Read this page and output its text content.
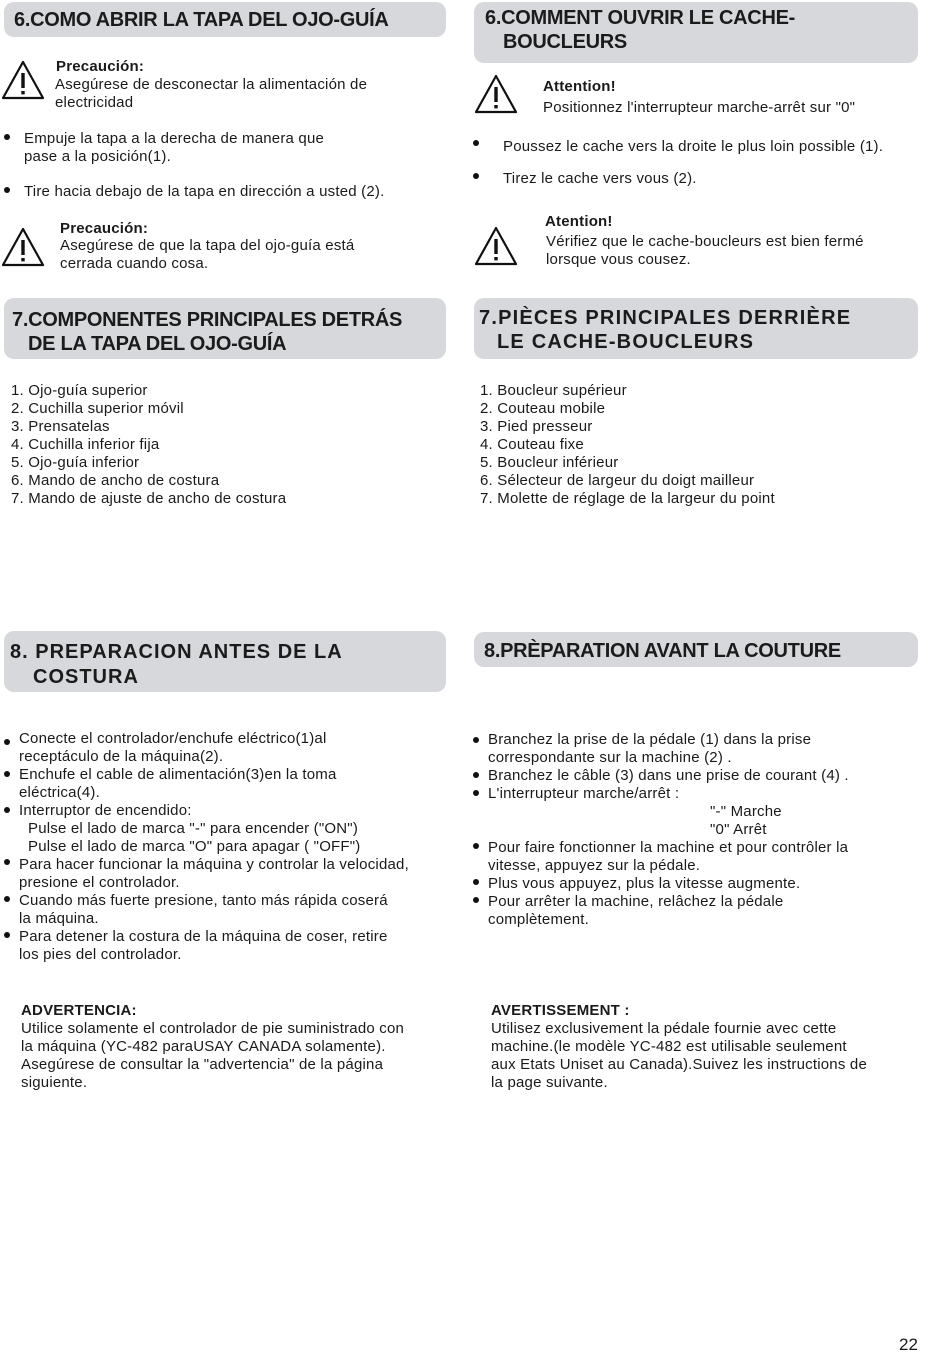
6.COMO ABRIR LA TAPA DEL OJO-GUÍA
Precaución:
Asegúrese de desconectar la alimentación de
electricidad
Empuje la tapa a la derecha de manera que
pase a la posición(1).
Tire hacia debajo de la tapa en dirección a usted (2).
Precaución:
Asegúrese de que la tapa del ojo-guía está
cerrada cuando cosa.
7.COMPONENTES PRINCIPALES DETRÁS
DE LA TAPA DEL OJO-GUÍA
1. Ojo-guía superior
2. Cuchilla superior móvil
3. Prensatelas
4. Cuchilla inferior fija
5. Ojo-guía inferior
6. Mando de ancho de costura
7. Mando de ajuste de ancho de costura
8. PREPARACION ANTES DE LA
COSTURA
Conecte el controlador/enchufe eléctrico(1)al
receptáculo de la máquina(2).
Enchufe el cable de alimentación(3)en la toma
eléctrica(4).
Interruptor de encendido:
Pulse el lado de marca "-" para encender ("ON")
Pulse el lado de marca "O" para apagar ( "OFF")
Para hacer funcionar la máquina y controlar la velocidad,
presione el controlador.
Cuando más fuerte presione, tanto más rápida coserá
la máquina.
Para detener la costura de la máquina de coser, retire
los pies del controlador.
ADVERTENCIA:
Utilice solamente el controlador de pie suministrado con
la máquina (YC-482 paraUSAY CANADA solamente).
Asegúrese de consultar la "advertencia" de la página
siguiente.
6.COMMENT OUVRIR LE CACHE-
BOUCLEURS
Attention!
Positionnez l'interrupteur marche-arrêt sur "0"
Poussez le cache vers la droite le plus loin possible (1).
Tirez le cache vers vous (2).
Atention!
Vérifiez que le cache-boucleurs est bien fermé
lorsque vous cousez.
7.PIÈCES PRINCIPALES DERRIÈRE
LE CACHE-BOUCLEURS
1. Boucleur supérieur
2. Couteau mobile
3. Pied presseur
4. Couteau fixe
5. Boucleur inférieur
6. Sélecteur de largeur du doigt mailleur
7. Molette de réglage de la largeur du point
8.PRÈPARATION AVANT LA COUTURE
Branchez la prise de la pédale (1) dans la prise
correspondante sur la machine (2) .
Branchez le câble (3) dans une prise de courant (4) .
L'interrupteur marche/arrêt :
"-" Marche
"0" Arrêt
Pour faire fonctionner la machine et pour contrôler la
vitesse, appuyez sur la pédale.
Plus vous appuyez, plus la vitesse augmente.
Pour arrêter la machine, relâchez la pédale
complètement.
AVERTISSEMENT :
Utilisez exclusivement la pédale fournie avec cette
machine.(le modèle YC-482 est utilisable seulement
aux Etats Uniset au Canada).Suivez les instructions de
la page suivante.
22
